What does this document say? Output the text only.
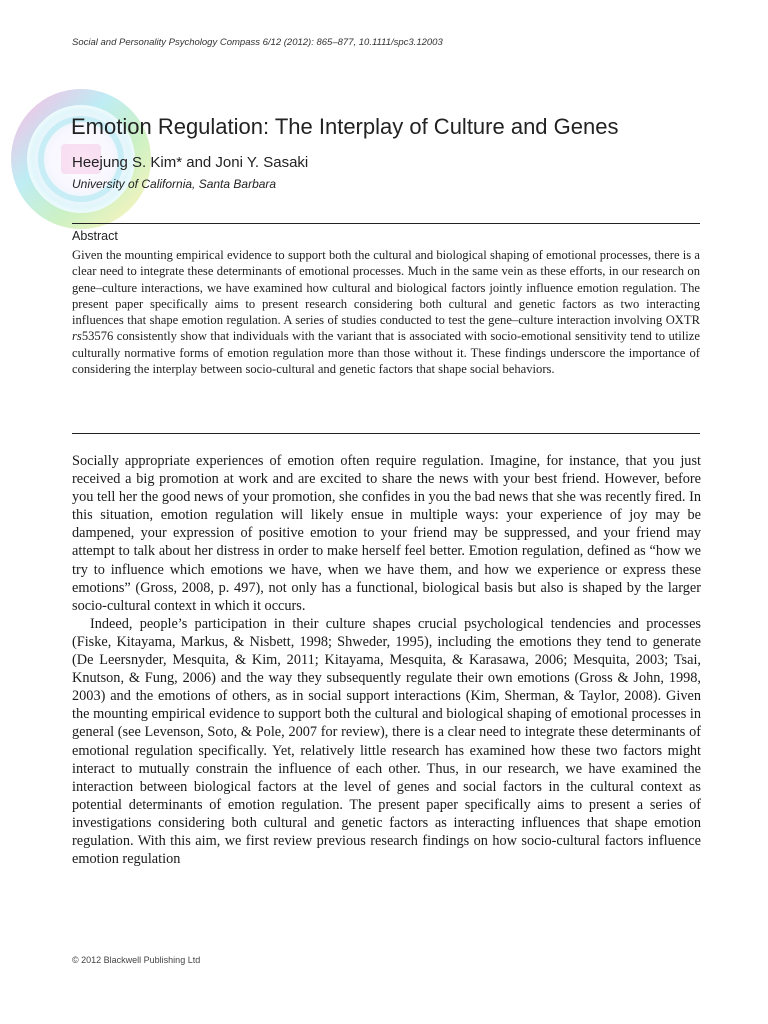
Social and Personality Psychology Compass 6/12 (2012): 865–877, 10.1111/spc3.12003
Emotion Regulation: The Interplay of Culture and Genes
Heejung S. Kim* and Joni Y. Sasaki
University of California, Santa Barbara
Abstract

Given the mounting empirical evidence to support both the cultural and biological shaping of emotional processes, there is a clear need to integrate these determinants of emotional processes. Much in the same vein as these efforts, in our research on gene–culture interactions, we have examined how cultural and biological factors jointly influence emotion regulation. The present paper specifically aims to present research considering both cultural and genetic factors as two interacting influences that shape emotion regulation. A series of studies conducted to test the gene–culture interaction involving OXTR rs53576 consistently show that individuals with the variant that is associated with socio-emotional sensitivity tend to utilize culturally normative forms of emotion regulation more than those without it. These findings underscore the importance of considering the interplay between socio-cultural and genetic factors that shape social behaviors.

Socially appropriate experiences of emotion often require regulation. Imagine, for instance, that you just received a big promotion at work and are excited to share the news with your best friend. However, before you tell her the good news of your promotion, she confides in you the bad news that she was recently fired. In this situation, emotion regulation will likely ensue in multiple ways: your experience of joy may be dampened, your expression of positive emotion to your friend may be suppressed, and your friend may attempt to talk about her distress in order to make herself feel better. Emotion regulation, defined as “how we try to influence which emotions we have, when we have them, and how we experience or express these emotions” (Gross, 2008, p. 497), not only has a functional, biological basis but also is shaped by the larger socio-cultural context in which it occurs.

Indeed, people’s participation in their culture shapes crucial psychological tendencies and processes (Fiske, Kitayama, Markus, & Nisbett, 1998; Shweder, 1995), including the emotions they tend to generate (De Leersnyder, Mesquita, & Kim, 2011; Kitayama, Mesquita, & Karasawa, 2006; Mesquita, 2003; Tsai, Knutson, & Fung, 2006) and the way they subsequently regulate their own emotions (Gross & John, 1998, 2003) and the emotions of others, as in social support interactions (Kim, Sherman, & Taylor, 2008). Given the mounting empirical evidence to support both the cultural and biological shaping of emotional processes in general (see Levenson, Soto, & Pole, 2007 for review), there is a clear need to integrate these determinants of emotional regulation specifically. Yet, relatively little research has examined how these two factors might interact to mutually constrain the influence of each other. Thus, in our research, we have examined the interaction between biological factors at the level of genes and social factors in the cultural context as potential determinants of emotion regulation. The present paper specifically aims to present a series of investigations considering both cultural and genetic factors as interacting influences that shape emotion regulation. With this aim, we first review previous research findings on how socio-cultural factors influence emotion regulation

© 2012 Blackwell Publishing Ltd
